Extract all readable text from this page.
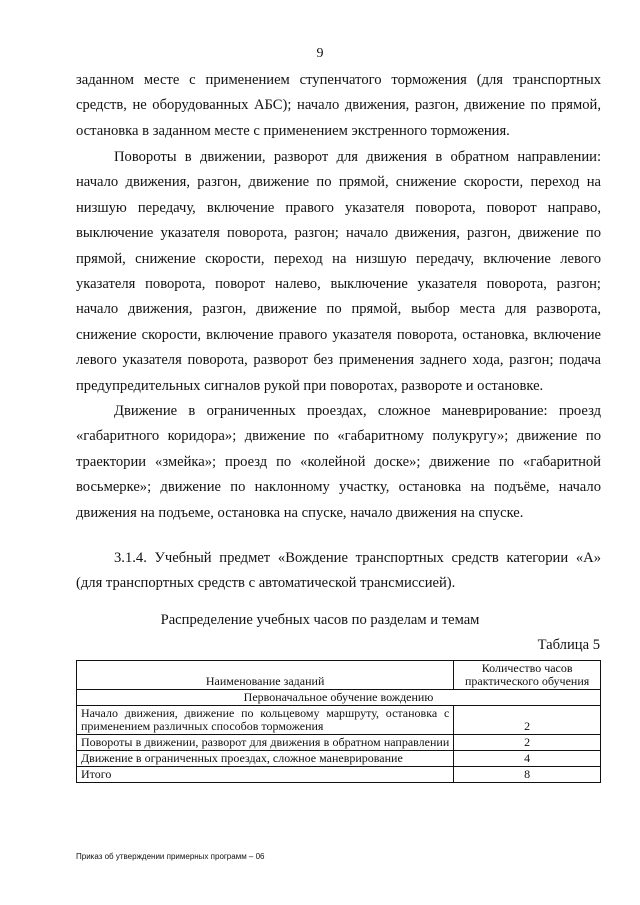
9

заданном месте с применением ступенчатого торможения (для транспортных средств, не оборудованных АБС); начало движения, разгон, движение по прямой, остановка в заданном месте с применением экстренного торможения.

Повороты в движении, разворот для движения в обратном направлении: начало движения, разгон, движение по прямой, снижение скорости, переход на низшую передачу, включение правого указателя поворота, поворот направо, выключение указателя поворота, разгон; начало движения, разгон, движение по прямой, снижение скорости, переход на низшую передачу, включение левого указателя поворота, поворот налево, выключение указателя поворота, разгон; начало движения, разгон, движение по прямой, выбор места для разворота, снижение скорости, включение правого указателя поворота, остановка, включение левого указателя поворота, разворот без применения заднего хода, разгон; подача предупредительных сигналов рукой при поворотах, развороте и остановке.

Движение в ограниченных проездах, сложное маневрирование: проезд «габаритного коридора»; движение по «габаритному полукругу»; движение по траектории «змейка»; проезд по «колейной доске»; движение по «габаритной восьмерке»; движение по наклонному участку, остановка на подъёме, начало движения на подъеме, остановка на спуске, начало движения на спуске.

3.1.4. Учебный предмет «Вождение транспортных средств категории «А» (для транспортных средств с автоматической трансмиссией).

Распределение учебных часов по разделам и темам
Таблица 5
Наименование заданий	Количество часов практического обучения
Первоначальное обучение вождению	
Начало движения, движение по кольцевому маршруту, остановка с применением различных способов торможения	2
Повороты в движении, разворот для движения в обратном направлении	2
Движение в ограниченных проездах, сложное маневрирование	4
Итого	8
Приказ об утверждении примерных программ – 06
